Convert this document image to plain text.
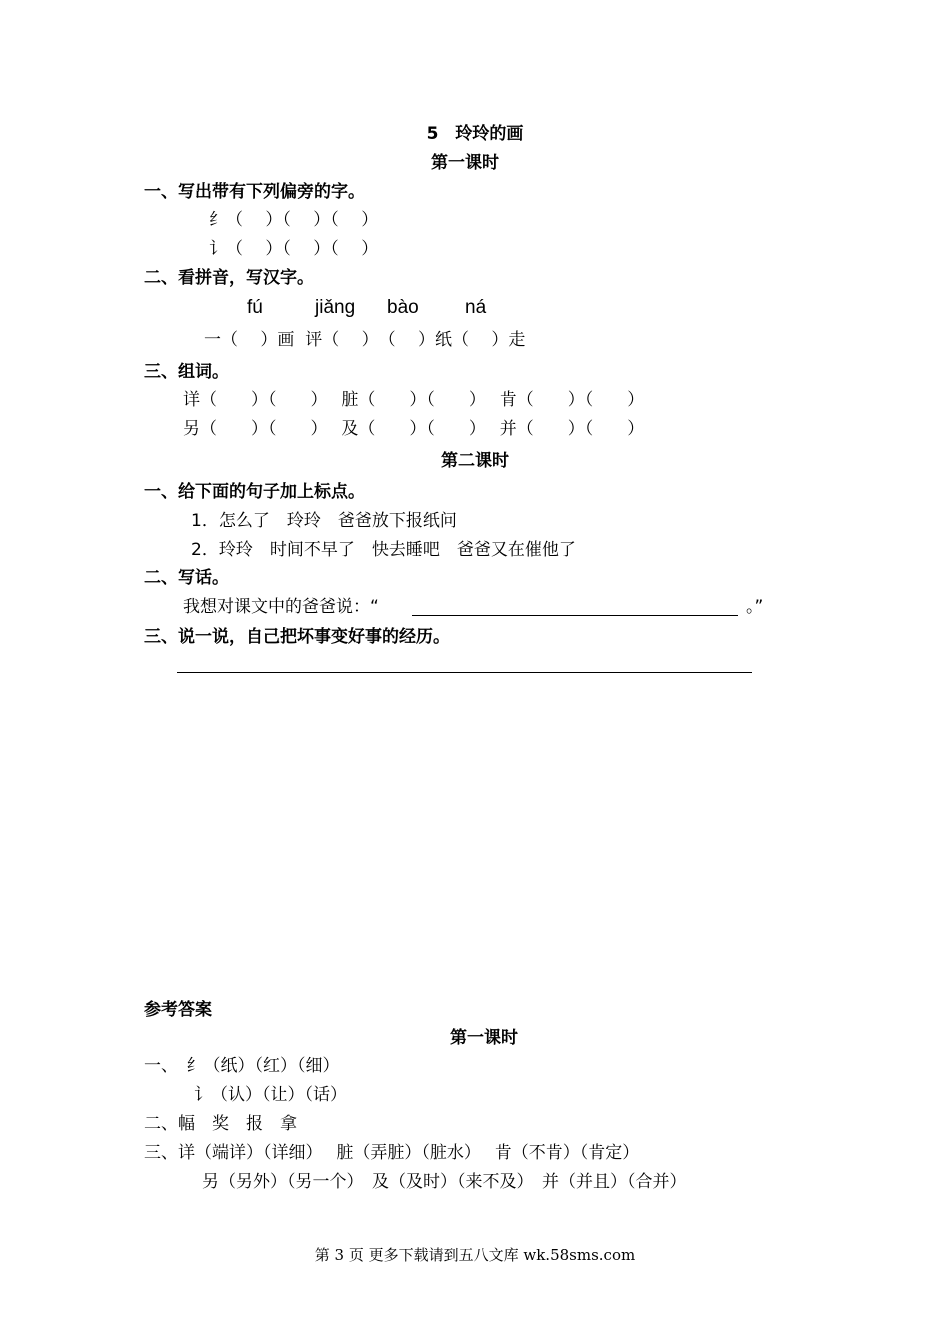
5　玲玲的画
第一课时
一、写出带有下列偏旁的字。
纟（　 ）（　 ）（　 ）
讠（　 ）（　 ）（　 ）
二、看拼音，写汉字。
fú	jiǎng bào ná
一（　 ）画  评（　 ）　（　 ）纸（　 ）走
三、组词。
详（　　）（　　）　 脏（　　）（　　）　 肯（　　）（　　）
另（　　）（　　）　 及（　　）（　　）　 并（　　）（　　）
第二课时
一、给下面的句子加上标点。
1．怎么了　玲玲　爸爸放下报纸问
2．玲玲　时间不早了　快去睡吧　爸爸又在催他了
二、写话。
我想对课文中的爸爸说：“	。”
三、说一说，自己把坏事变好事的经历。
参考答案
第一课时
一、　纟（纸）（红）（细）
讠（认）（让）（话）
二、幅　奖　报　拿
三、详（端详）（详细）　 脏（弄脏）（脏水）　 肯（不肯）（肯定）
另（另外）（另一个）　及（及时）（来不及）　并（并且）（合并）
第 3 页 更多下载请到五八文库 wk.58sms.com
